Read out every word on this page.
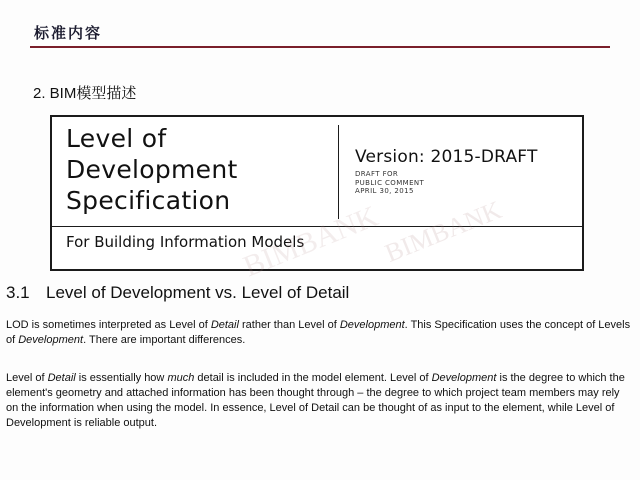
标准内容
2. BIM模型描述
Level of
Development
Specification
Version: 2015-DRAFT
DRAFT FOR
PUBLIC COMMENT
APRIL 30, 2015
For Building Information Models	BIMBANK
3.1 Level of Development vs. Level of Detail
LOD is sometimes interpreted as Level of Detail rather than Level of Development. This Specification uses the concept of Levels of Development. There are important differences.
Level of Detail is essentially how much detail is included in the model element. Level of Development is the degree to which the element's geometry and attached information has been thought through – the degree to which project team members may rely on the information when using the model. In essence, Level of Detail can be thought of as input to the element, while Level of Development is reliable output.
